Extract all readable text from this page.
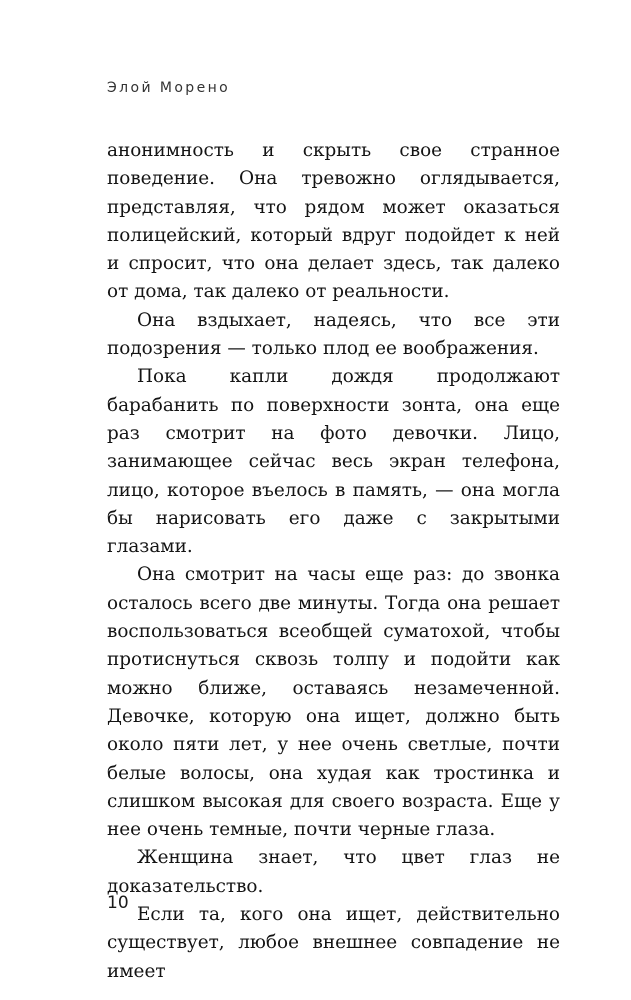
Элой Морено

анонимность и скрыть свое странное поведение. Она тревожно оглядывается, представляя, что рядом может оказаться полицейский, который вдруг подойдет к ней и спросит, что она делает здесь, так далеко от дома, так далеко от реальности.

Она вздыхает, надеясь, что все эти подозрения — только плод ее воображения.

Пока капли дождя продолжают барабанить по поверхности зонта, она еще раз смотрит на фото девочки. Лицо, занимающее сейчас весь экран телефона, лицо, которое въелось в память, — она могла бы нарисовать его даже с закрытыми глазами.

Она смотрит на часы еще раз: до звонка осталось всего две минуты. Тогда она решает воспользоваться всеобщей суматохой, чтобы протиснуться сквозь толпу и подойти как можно ближе, оставаясь незамеченной. Девочке, которую она ищет, должно быть около пяти лет, у нее очень светлые, почти белые волосы, она худая как тростинка и слишком высокая для своего возраста. Еще у нее очень темные, почти черные глаза.

Женщина знает, что цвет глаз не доказательство.

Если та, кого она ищет, действительно существует, любое внешнее совпадение не имеет

10
